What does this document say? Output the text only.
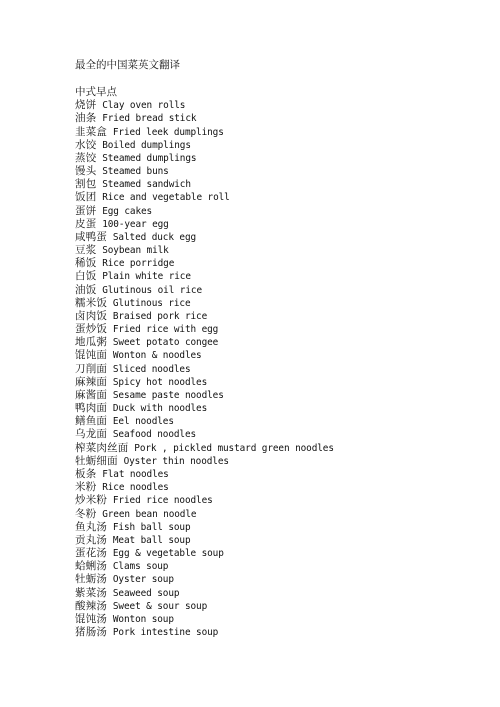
最全的中国菜英文翻译
中式早点
烧饼 Clay oven rolls
油条 Fried bread stick
韭菜盒 Fried leek dumplings
水饺 Boiled dumplings
蒸饺 Steamed dumplings
馒头 Steamed buns
割包 Steamed sandwich
饭团 Rice and vegetable roll
蛋饼 Egg cakes
皮蛋 100-year egg
咸鸭蛋 Salted duck egg
豆浆 Soybean milk
稀饭 Rice porridge
白饭 Plain white rice
油饭 Glutinous oil rice
糯米饭 Glutinous rice
卤肉饭 Braised pork rice
蛋炒饭 Fried rice with egg
地瓜粥 Sweet potato congee
馄饨面 Wonton & noodles
刀削面 Sliced noodles
麻辣面 Spicy hot noodles
麻酱面 Sesame paste noodles
鸭肉面 Duck with noodles
鳝鱼面 Eel noodles
乌龙面 Seafood noodles
榨菜肉丝面 Pork , pickled mustard green noodles
牡蛎细面 Oyster thin noodles
板条 Flat noodles
米粉 Rice noodles
炒米粉 Fried rice noodles
冬粉 Green bean noodle
鱼丸汤 Fish ball soup
贡丸汤 Meat ball soup
蛋花汤 Egg & vegetable soup
蛤蜊汤 Clams soup
牡蛎汤 Oyster soup
紫菜汤 Seaweed soup
酸辣汤 Sweet & sour soup
馄饨汤 Wonton soup
猪肠汤 Pork intestine soup
